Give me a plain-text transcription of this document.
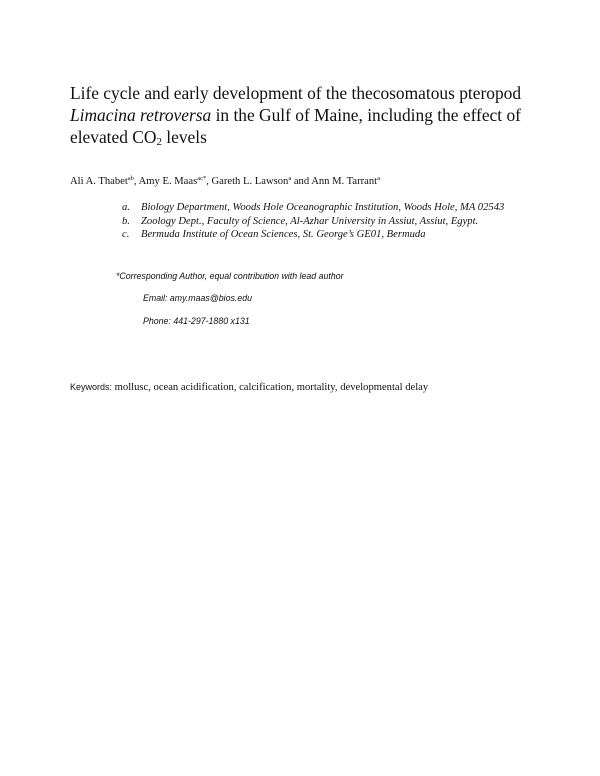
Life cycle and early development of the thecosomatous pteropod Limacina retroversa in the Gulf of Maine, including the effect of elevated $CO_2$ levels
Ali A. Thabet$^{ab}$, Amy E. Maas$^{ac*}$, Gareth L. Lawson$^a$ and Ann M. Tarrant$^a$
a. Biology Department, Woods Hole Oceanographic Institution, Woods Hole, MA 02543
b. Zoology Dept., Faculty of Science, Al-Azhar University in Assiut, Assiut, Egypt.
c. Bermuda Institute of Ocean Sciences, St. George’s GE01, Bermuda
*Corresponding Author, equal contribution with lead author
Email: amy.maas@bios.edu
Phone: 441-297-1880 x131
Keywords: mollusc, ocean acidification, calcification, mortality, developmental delay
